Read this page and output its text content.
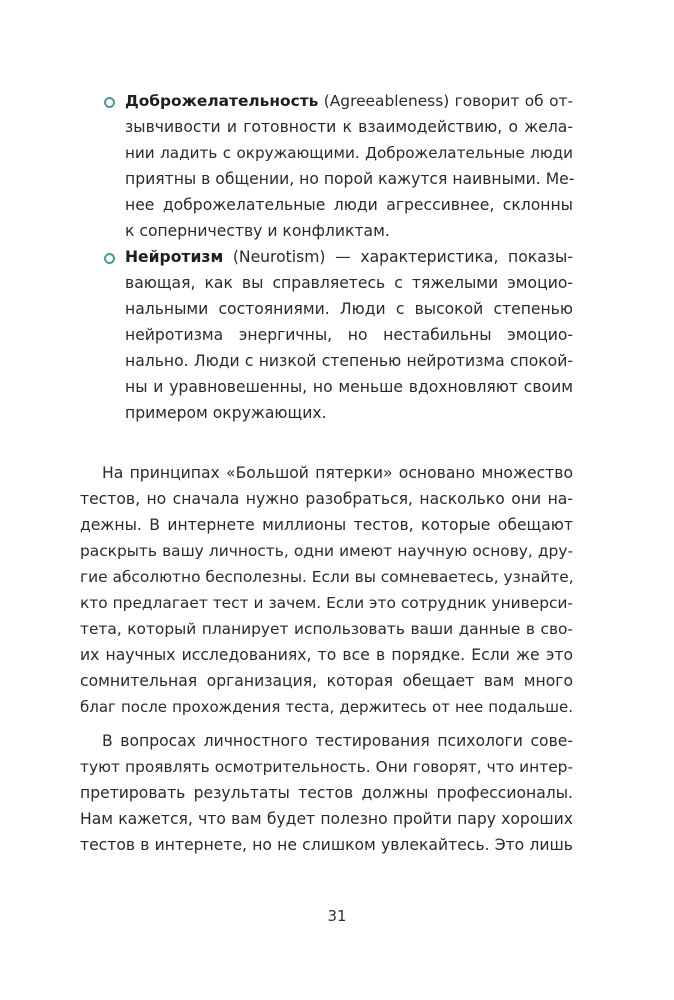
Доброжелательность (Agreeableness) говорит об от-
зывчивости и готовности к взаимодействию, о жела-
нии ладить с окружающими. Доброжелательные люди
приятны в общении, но порой кажутся наивными. Ме-
нее доброжелательные люди агрессивнее, склонны
к соперничеству и конфликтам.
Нейротизм (Neurotism) — характеристика, показы-
вающая, как вы справляетесь с тяжелыми эмоцио-
нальными состояниями. Люди с высокой степенью
нейротизма энергичны, но нестабильны эмоцио-
нально. Люди с низкой степенью нейротизма спокой-
ны и уравновешенны, но меньше вдохновляют своим
примером окружающих.
На принципах «Большой пятерки» основано множество
тестов, но сначала нужно разобраться, насколько они на-
дежны. В интернете миллионы тестов, которые обещают
раскрыть вашу личность, одни имеют научную основу, дру-
гие абсолютно бесполезны. Если вы сомневаетесь, узнайте,
кто предлагает тест и зачем. Если это сотрудник универси-
тета, который планирует использовать ваши данные в сво-
их научных исследованиях, то все в порядке. Если же это
сомнительная организация, которая обещает вам много
благ после прохождения теста, держитесь от нее подальше.
В вопросах личностного тестирования психологи сове-
туют проявлять осмотрительность. Они говорят, что интер-
претировать результаты тестов должны профессионалы.
Нам кажется, что вам будет полезно пройти пару хороших
тестов в интернете, но не слишком увлекайтесь. Это лишь
31
